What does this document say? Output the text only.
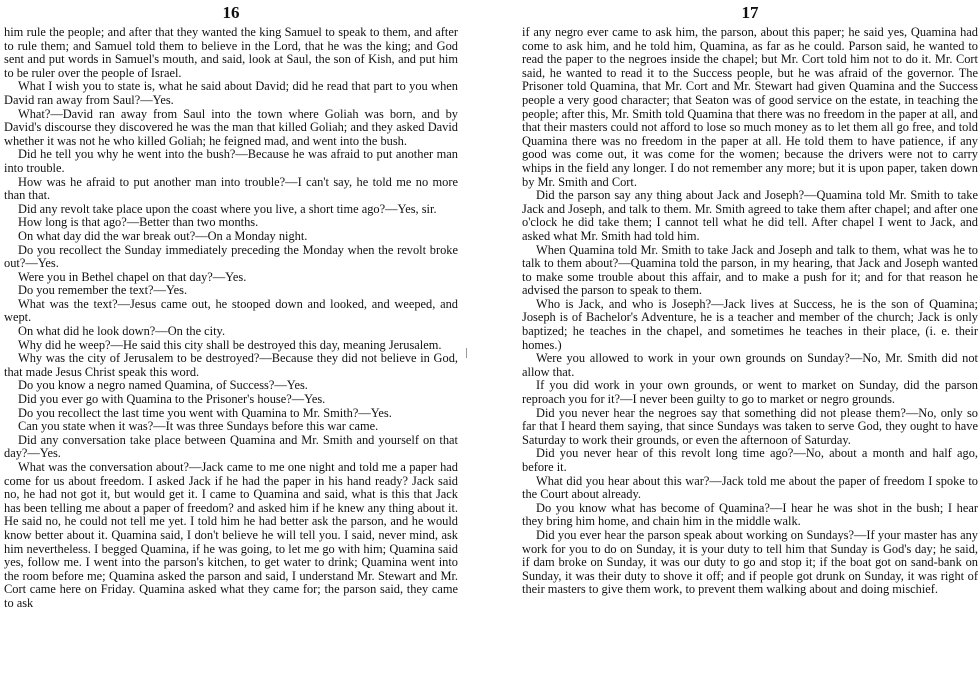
16

him rule the people; and after that they wanted the king Samuel to speak to them, and after to rule them; and Samuel told them to believe in the Lord, that he was the king; and God sent and put words in Samuel's mouth, and said, look at Saul, the son of Kish, and put him to be ruler over the people of Israel.

What I wish you to state is, what he said about David; did he read that part to you when David ran away from Saul?—Yes.

What?—David ran away from Saul into the town where Goliah was born, and by David's discourse they discovered he was the man that killed Goliah; and they asked David whether it was not he who killed Goliah; he feigned mad, and went into the bush.

Did he tell you why he went into the bush?—Because he was afraid to put another man into trouble.

How was he afraid to put another man into trouble?—I can't say, he told me no more than that.

Did any revolt take place upon the coast where you live, a short time ago?—Yes, sir.

How long is that ago?—Better than two months.

On what day did the war break out?—On a Monday night.

Do you recollect the Sunday immediately preceding the Monday when the revolt broke out?—Yes.

Were you in Bethel chapel on that day?—Yes.

Do you remember the text?—Yes.

What was the text?—Jesus came out, he stooped down and looked, and weeped, and wept.

On what did he look down?—On the city.

Why did he weep?—He said this city shall be destroyed this day, meaning Jerusalem.

Why was the city of Jerusalem to be destroyed?—Because they did not believe in God, that made Jesus Christ speak this word.

Do you know a negro named Quamina, of Success?—Yes.

Did you ever go with Quamina to the Prisoner's house?—Yes.

Do you recollect the last time you went with Quamina to Mr. Smith?—Yes.

Can you state when it was?—It was three Sundays before this war came.

Did any conversation take place between Quamina and Mr. Smith and yourself on that day?—Yes.

What was the conversation about?—Jack came to me one night and told me a paper had come for us about freedom. I asked Jack if he had the paper in his hand ready? Jack said no, he had not got it, but would get it. I came to Quamina and said, what is this that Jack has been telling me about a paper of freedom? and asked him if he knew any thing about it. He said no, he could not tell me yet. I told him he had better ask the parson, and he would know better about it. Quamina said, I don't believe he will tell you. I said, never mind, ask him nevertheless. I begged Quamina, if he was going, to let me go with him; Quamina said yes, follow me. I went into the parson's kitchen, to get water to drink; Quamina went into the room before me; Quamina asked the parson and said, I understand Mr. Stewart and Mr. Cort came here on Friday. Quamina asked what they came for; the parson said, they came to ask

17

if any negro ever came to ask him, the parson, about this paper; he said yes, Quamina had come to ask him, and he told him, Quamina, as far as he could. Parson said, he wanted to read the paper to the negroes inside the chapel; but Mr. Cort told him not to do it. Mr. Cort said, he wanted to read it to the Success people, but he was afraid of the governor. The Prisoner told Quamina, that Mr. Cort and Mr. Stewart had given Quamina and the Success people a very good character; that Seaton was of good service on the estate, in teaching the people; after this, Mr. Smith told Quamina that there was no freedom in the paper at all, and that their masters could not afford to lose so much money as to let them all go free, and told Quamina there was no freedom in the paper at all. He told them to have patience, if any good was come out, it was come for the women; because the drivers were not to carry whips in the field any longer. I do not remember any more; but it is upon paper, taken down by Mr. Smith and Cort.

Did the parson say any thing about Jack and Joseph?—Quamina told Mr. Smith to take Jack and Joseph, and talk to them. Mr. Smith agreed to take them after chapel; and after one o'clock he did take them; I cannot tell what he did tell. After chapel I went to Jack, and asked what Mr. Smith had told him.

When Quamina told Mr. Smith to take Jack and Joseph and talk to them, what was he to talk to them about?—Quamina told the parson, in my hearing, that Jack and Joseph wanted to make some trouble about this affair, and to make a push for it; and for that reason he advised the parson to speak to them.

Who is Jack, and who is Joseph?—Jack lives at Success, he is the son of Quamina; Joseph is of Bachelor's Adventure, he is a teacher and member of the church; Jack is only baptized; he teaches in the chapel, and sometimes he teaches in their place, (i. e. their homes.)

Were you allowed to work in your own grounds on Sunday?—No, Mr. Smith did not allow that.

If you did work in your own grounds, or went to market on Sunday, did the parson reproach you for it?—I never been guilty to go to market or negro grounds.

Did you never hear the negroes say that something did not please them?—No, only so far that I heard them saying, that since Sundays was taken to serve God, they ought to have Saturday to work their grounds, or even the afternoon of Saturday.

Did you never hear of this revolt long time ago?—No, about a month and half ago, before it.

What did you hear about this war?—Jack told me about the paper of freedom I spoke to the Court about already.

Do you know what has become of Quamina?—I hear he was shot in the bush; I hear they bring him home, and chain him in the middle walk.

Did you ever hear the parson speak about working on Sundays?—If your master has any work for you to do on Sunday, it is your duty to tell him that Sunday is God's day; he said, if dam broke on Sunday, it was our duty to go and stop it; if the boat got on sand-bank on Sunday, it was their duty to shove it off; and if people got drunk on Sunday, it was right of their masters to give them work, to prevent them walking about and doing mischief.
